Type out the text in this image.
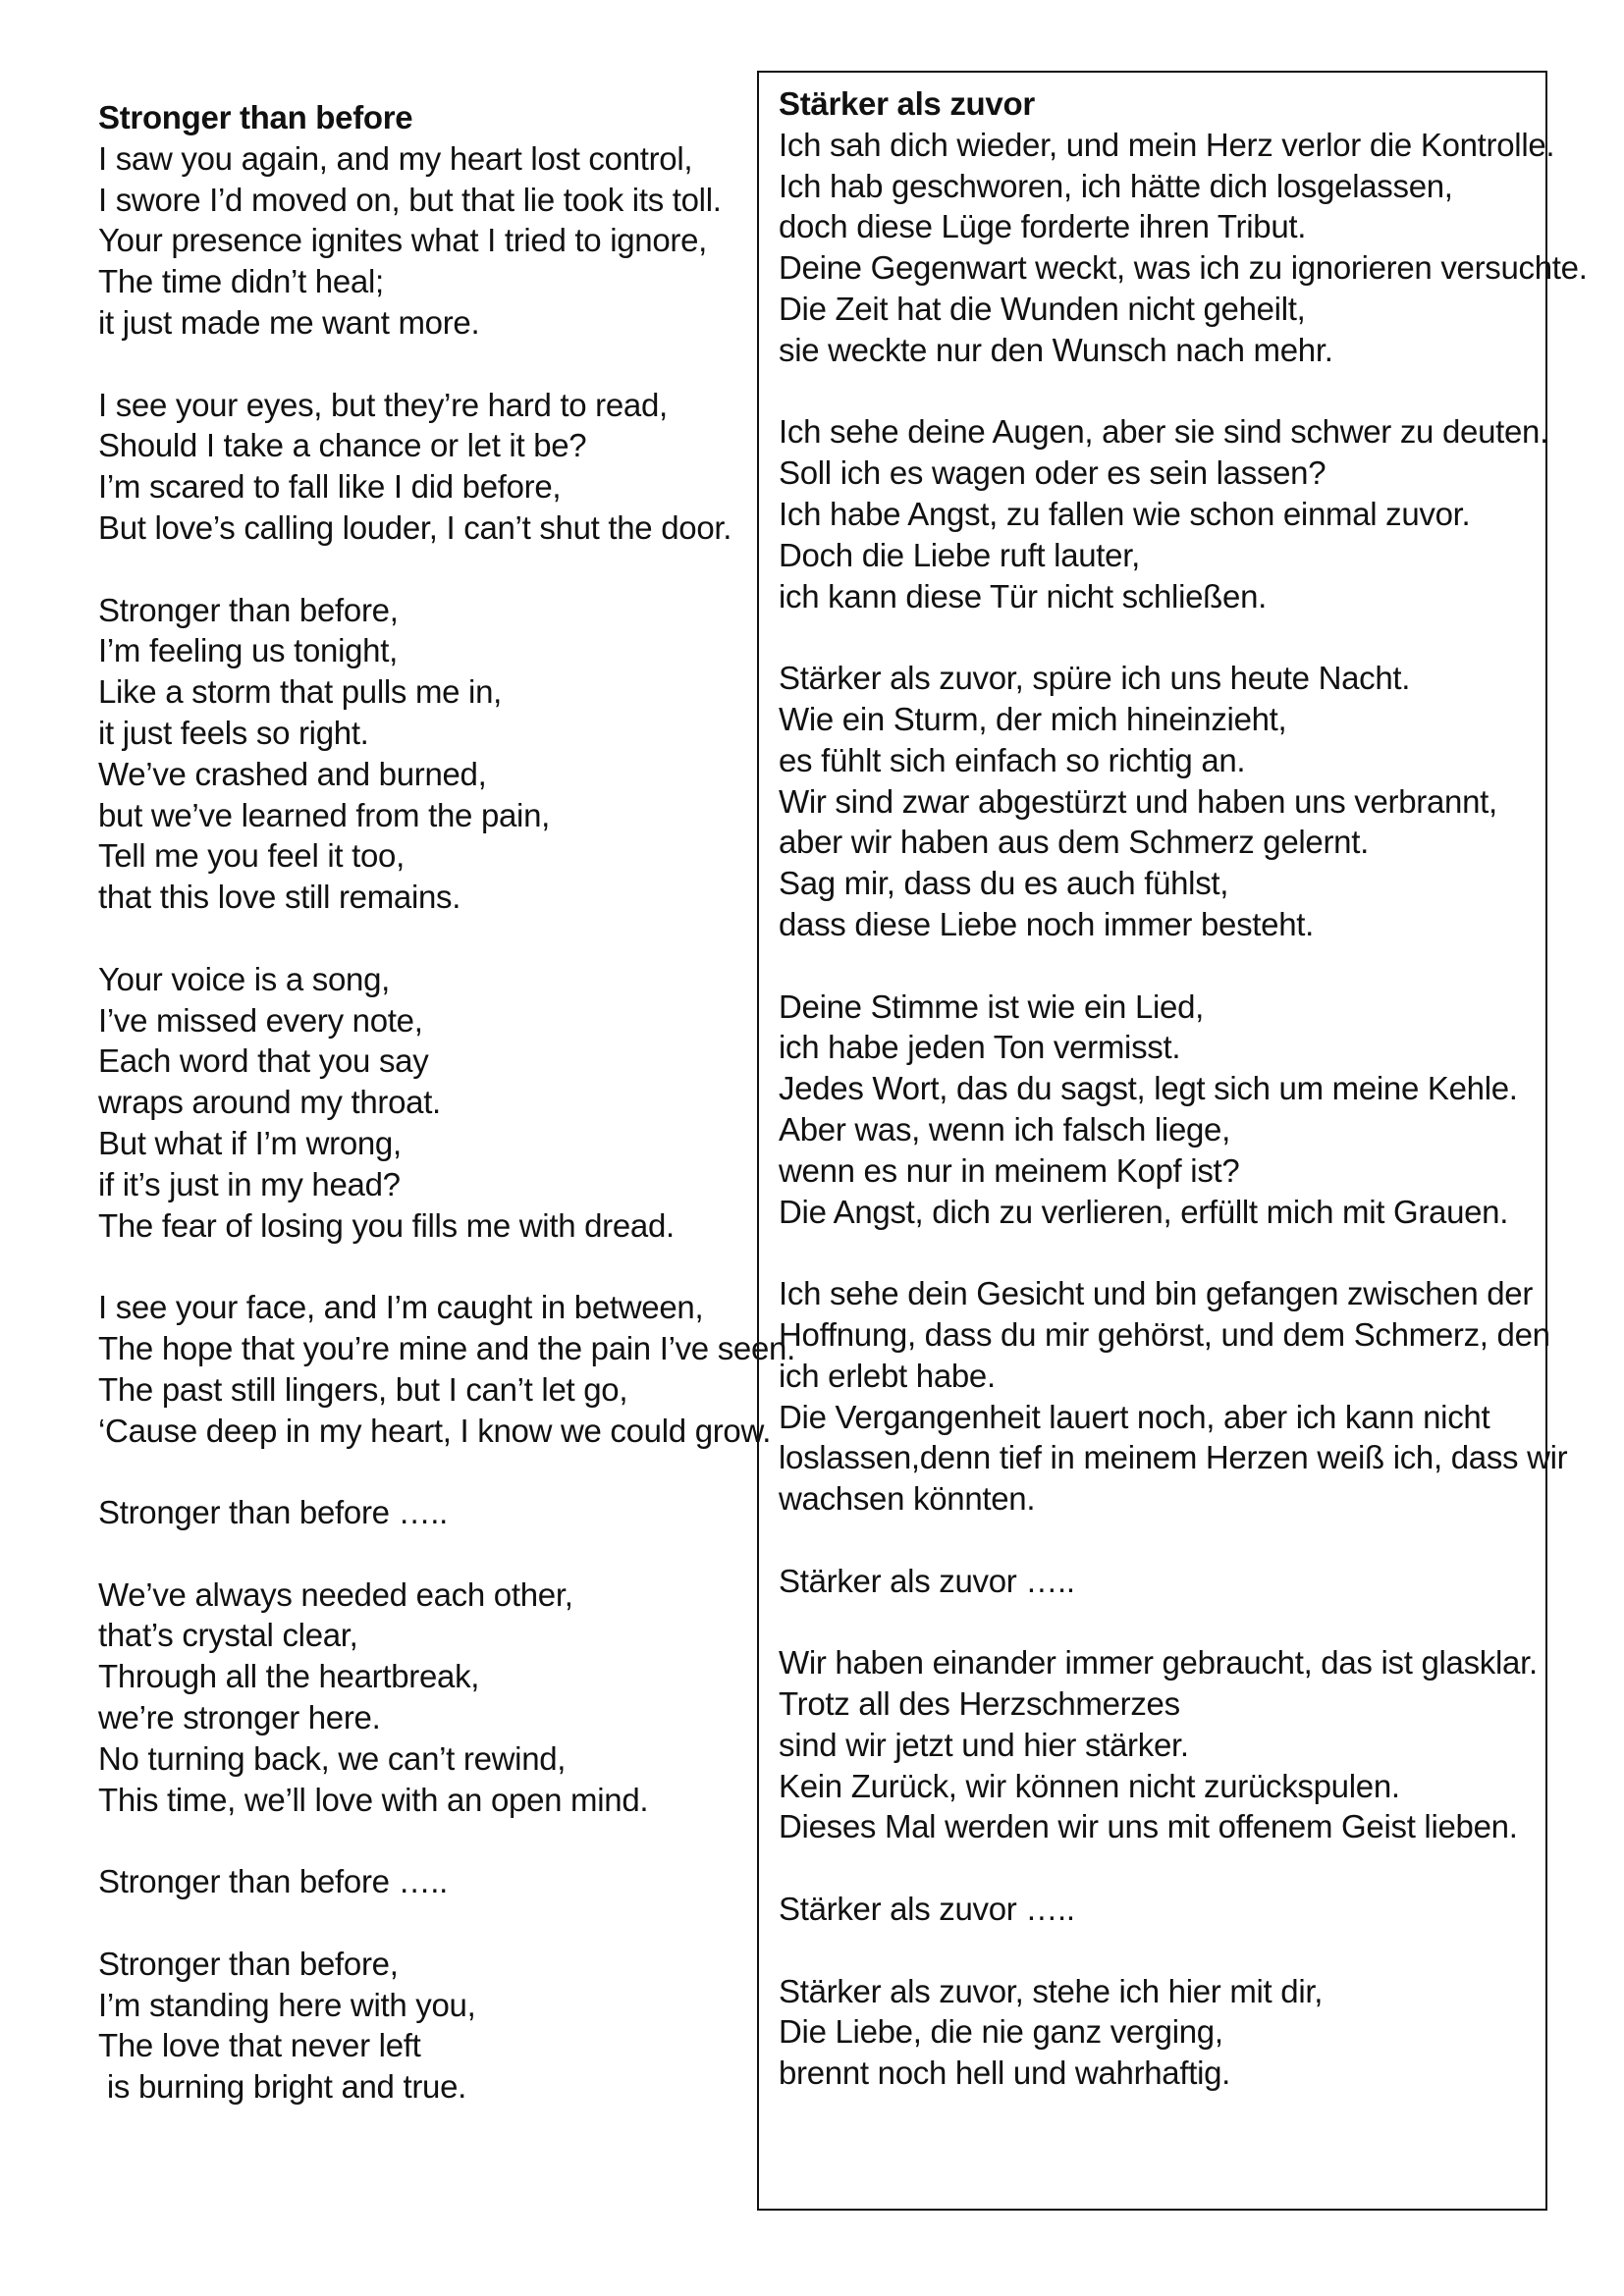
Stronger than before
I saw you again, and my heart lost control,
I swore I’d moved on, but that lie took its toll.
Your presence ignites what I tried to ignore,
The time didn’t heal;
it just made me want more.
I see your eyes, but they’re hard to read,
Should I take a chance or let it be?
I’m scared to fall like I did before,
But love’s calling louder, I can’t shut the door.
Stronger than before,
I’m feeling us tonight,
Like a storm that pulls me in,
it just feels so right.
We’ve crashed and burned,
but we’ve learned from the pain,
Tell me you feel it too,
that this love still remains.
Your voice is a song,
I’ve missed every note,
Each word that you say
wraps around my throat.
But what if I’m wrong,
if it’s just in my head?
The fear of losing you fills me with dread.
I see your face, and I’m caught in between,
The hope that you’re mine and the pain I’ve seen.
The past still lingers, but I can’t let go,
‘Cause deep in my heart, I know we could grow.
Stronger than before …..
We’ve always needed each other,
that’s crystal clear,
Through all the heartbreak,
we’re stronger here.
No turning back, we can’t rewind,
This time, we’ll love with an open mind.
Stronger than before …..
Stronger than before,
I’m standing here with you,
The love that never left
is burning bright and true.
Stärker als zuvor
Ich sah dich wieder, und mein Herz verlor die Kontrolle.
Ich hab geschworen, ich hätte dich losgelassen,
doch diese Lüge forderte ihren Tribut.
Deine Gegenwart weckt, was ich zu ignorieren versuchte.
Die Zeit hat die Wunden nicht geheilt,
sie weckte nur den Wunsch nach mehr.
Ich sehe deine Augen, aber sie sind schwer zu deuten.
Soll ich es wagen oder es sein lassen?
Ich habe Angst, zu fallen wie schon einmal zuvor.
Doch die Liebe ruft lauter,
ich kann diese Tür nicht schließen.
Stärker als zuvor, spüre ich uns heute Nacht.
Wie ein Sturm, der mich hineinzieht,
es fühlt sich einfach so richtig an.
Wir sind zwar abgestürzt und haben uns verbrannt,
aber wir haben aus dem Schmerz gelernt.
Sag mir, dass du es auch fühlst,
dass diese Liebe noch immer besteht.
Deine Stimme ist wie ein Lied,
ich habe jeden Ton vermisst.
Jedes Wort, das du sagst, legt sich um meine Kehle.
Aber was, wenn ich falsch liege,
wenn es nur in meinem Kopf ist?
Die Angst, dich zu verlieren, erfüllt mich mit Grauen.
Ich sehe dein Gesicht und bin gefangen zwischen der
Hoffnung, dass du mir gehörst, und dem Schmerz, den
ich erlebt habe.
Die Vergangenheit lauert noch, aber ich kann nicht
loslassen,denn tief in meinem Herzen weiß ich, dass wir
wachsen könnten.
Stärker als zuvor …..
Wir haben einander immer gebraucht, das ist glasklar.
Trotz all des Herzschmerzes
sind wir jetzt und hier stärker.
Kein Zurück, wir können nicht zurückspulen.
Dieses Mal werden wir uns mit offenem Geist lieben.
Stärker als zuvor …..
Stärker als zuvor, stehe ich hier mit dir,
Die Liebe, die nie ganz verging,
brennt noch hell und wahrhaftig.
